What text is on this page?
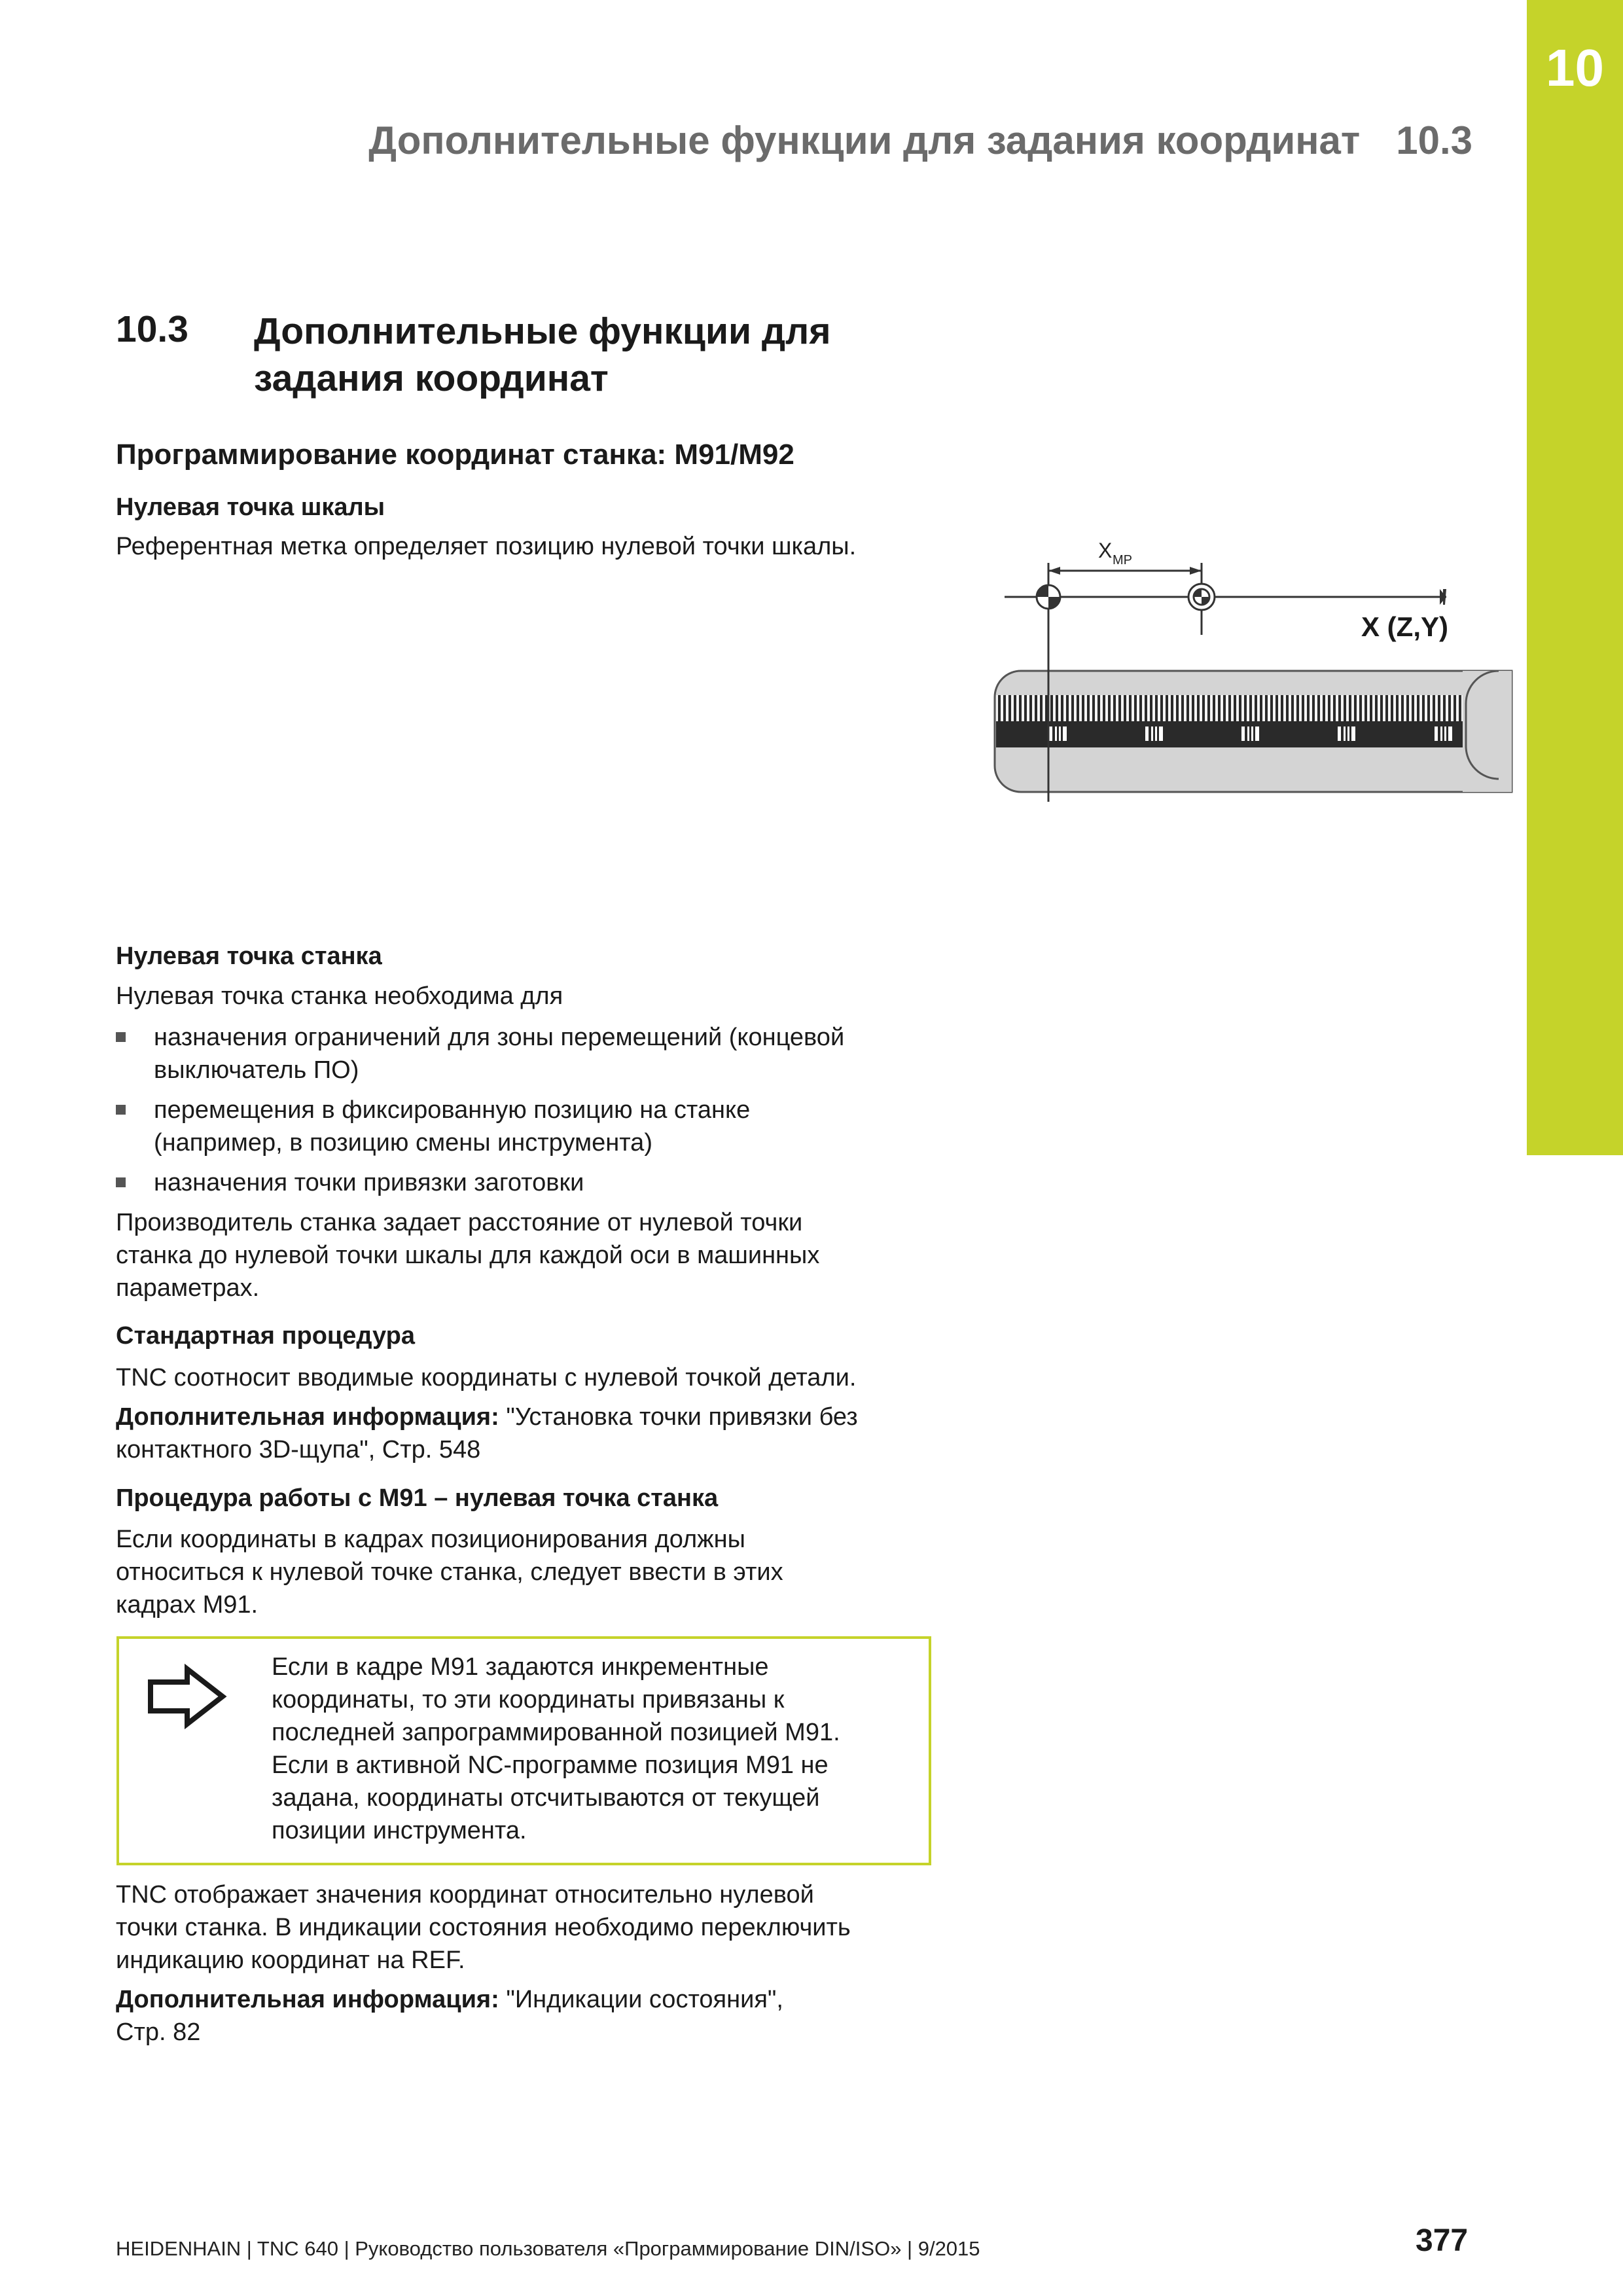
10
Дополнительные функции для задания координат 10.3
10.3 Дополнительные функции для
задания координат
Программирование координат станка: M91/M92
Нулевая точка шкалы
Референтная метка определяет позицию нулевой точки шкалы.	X MP
X (Z,Y)
Нулевая точка станка
Нулевая точка станка необходима для
назначения ограничений для зоны перемещений (концевой
выключатель ПО)
перемещения в фиксированную позицию на станке
(например, в позицию смены инструмента)
назначения точки привязки заготовки
Производитель станка задает расстояние от нулевой точки
станка до нулевой точки шкалы для каждой оси в машинных
параметрах.
Стандартная процедура
TNC соотносит вводимые координаты с нулевой точкой детали.
Дополнительная информация: "Установка точки привязки без
контактного 3D-щупа", Стр. 548
Процедура работы с M91 – нулевая точка станка
Если координаты в кадрах позиционирования должны
относиться к нулевой точке станка, следует ввести в этих
кадрах M91.
Если в кадре M91 задаются инкрементные
координаты, то эти координаты привязаны к
последней запрограммированной позицией M91.
Если в активной NC-программе позиция M91 не
задана, координаты отсчитываются от текущей
позиции инструмента.
TNC отображает значения координат относительно нулевой
точки станка. В индикации состояния необходимо переключить
индикацию координат на REF.
Дополнительная информация: "Индикации состояния",
Стр. 82
HEIDENHAIN | TNC 640 | Руководство пользователя «Программирование DIN/ISO» | 9/2015	377
